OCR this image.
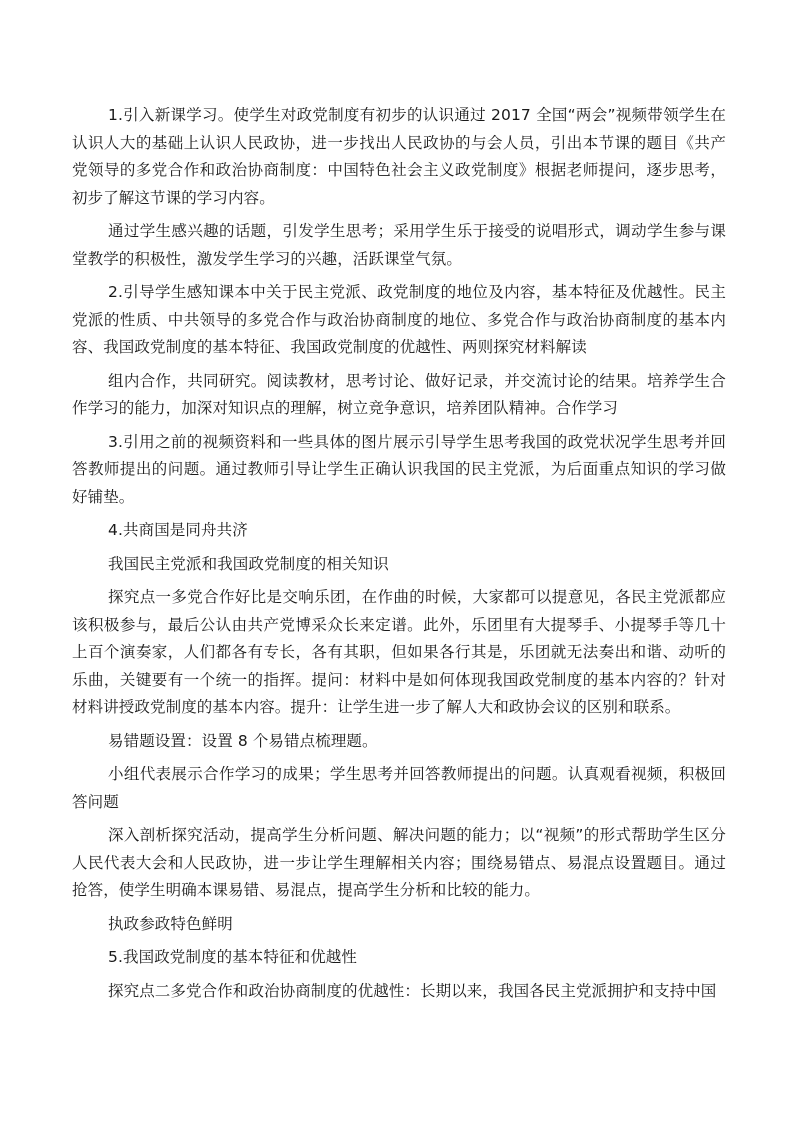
1.引入新课学习。使学生对政党制度有初步的认识通过 2017 全国“两会”视频带领学生在认识人大的基础上认识人民政协，进一步找出人民政协的与会人员，引出本节课的题目《共产党领导的多党合作和政治协商制度：中国特色社会主义政党制度》根据老师提问，逐步思考，初步了解这节课的学习内容。

通过学生感兴趣的话题，引发学生思考；采用学生乐于接受的说唱形式，调动学生参与课堂教学的积极性，激发学生学习的兴趣，活跃课堂气氛。

2.引导学生感知课本中关于民主党派、政党制度的地位及内容，基本特征及优越性。民主党派的性质、中共领导的多党合作与政治协商制度的地位、多党合作与政治协商制度的基本内容、我国政党制度的基本特征、我国政党制度的优越性、两则探究材料解读

组内合作，共同研究。阅读教材，思考讨论、做好记录，并交流讨论的结果。培养学生合作学习的能力，加深对知识点的理解，树立竞争意识，培养团队精神。合作学习

3.引用之前的视频资料和一些具体的图片展示引导学生思考我国的政党状况学生思考并回答教师提出的问题。通过教师引导让学生正确认识我国的民主党派，为后面重点知识的学习做好铺垫。

4.共商国是同舟共济

我国民主党派和我国政党制度的相关知识

探究点一多党合作好比是交响乐团，在作曲的时候，大家都可以提意见，各民主党派都应该积极参与，最后公认由共产党博采众长来定谱。此外，乐团里有大提琴手、小提琴手等几十上百个演奏家，人们都各有专长，各有其职，但如果各行其是，乐团就无法奏出和谐、动听的乐曲，关键要有一个统一的指挥。提问：材料中是如何体现我国政党制度的基本内容的？针对材料讲授政党制度的基本内容。提升：让学生进一步了解人大和政协会议的区别和联系。

易错题设置：设置 8 个易错点梳理题。

小组代表展示合作学习的成果；学生思考并回答教师提出的问题。认真观看视频，积极回答问题

深入剖析探究活动，提高学生分析问题、解决问题的能力；以“视频”的形式帮助学生区分人民代表大会和人民政协，进一步让学生理解相关内容；围绕易错点、易混点设置题目。通过抢答，使学生明确本课易错、易混点，提高学生分析和比较的能力。

执政参政特色鲜明

5.我国政党制度的基本特征和优越性

探究点二多党合作和政治协商制度的优越性：长期以来，我国各民主党派拥护和支持中国
